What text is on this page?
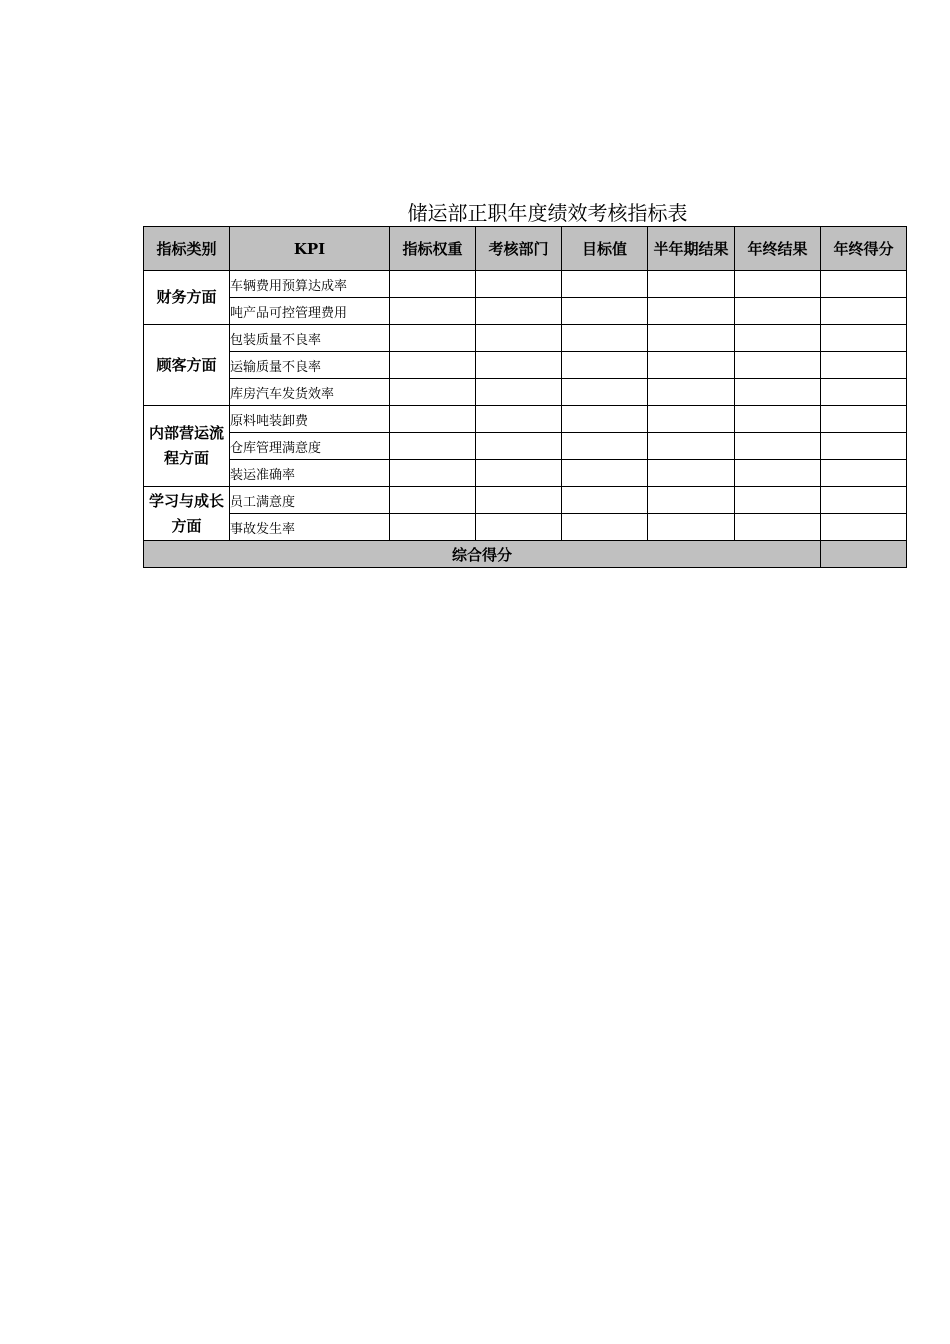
储运部正职年度绩效考核指标表
指标类别	KPI	指标权重	考核部门	目标值	半年期结果	年终结果	年终得分
财务方面	车辆费用预算达成率						
	吨产品可控管理费用						
顾客方面	包装质量不良率						
	运输质量不良率						
	库房汽车发货效率						
内部营运流程方面	原料吨装卸费						
	仓库管理满意度						
	装运准确率						
学习与成长方面	员工满意度						
	事故发生率						
综合得分							
